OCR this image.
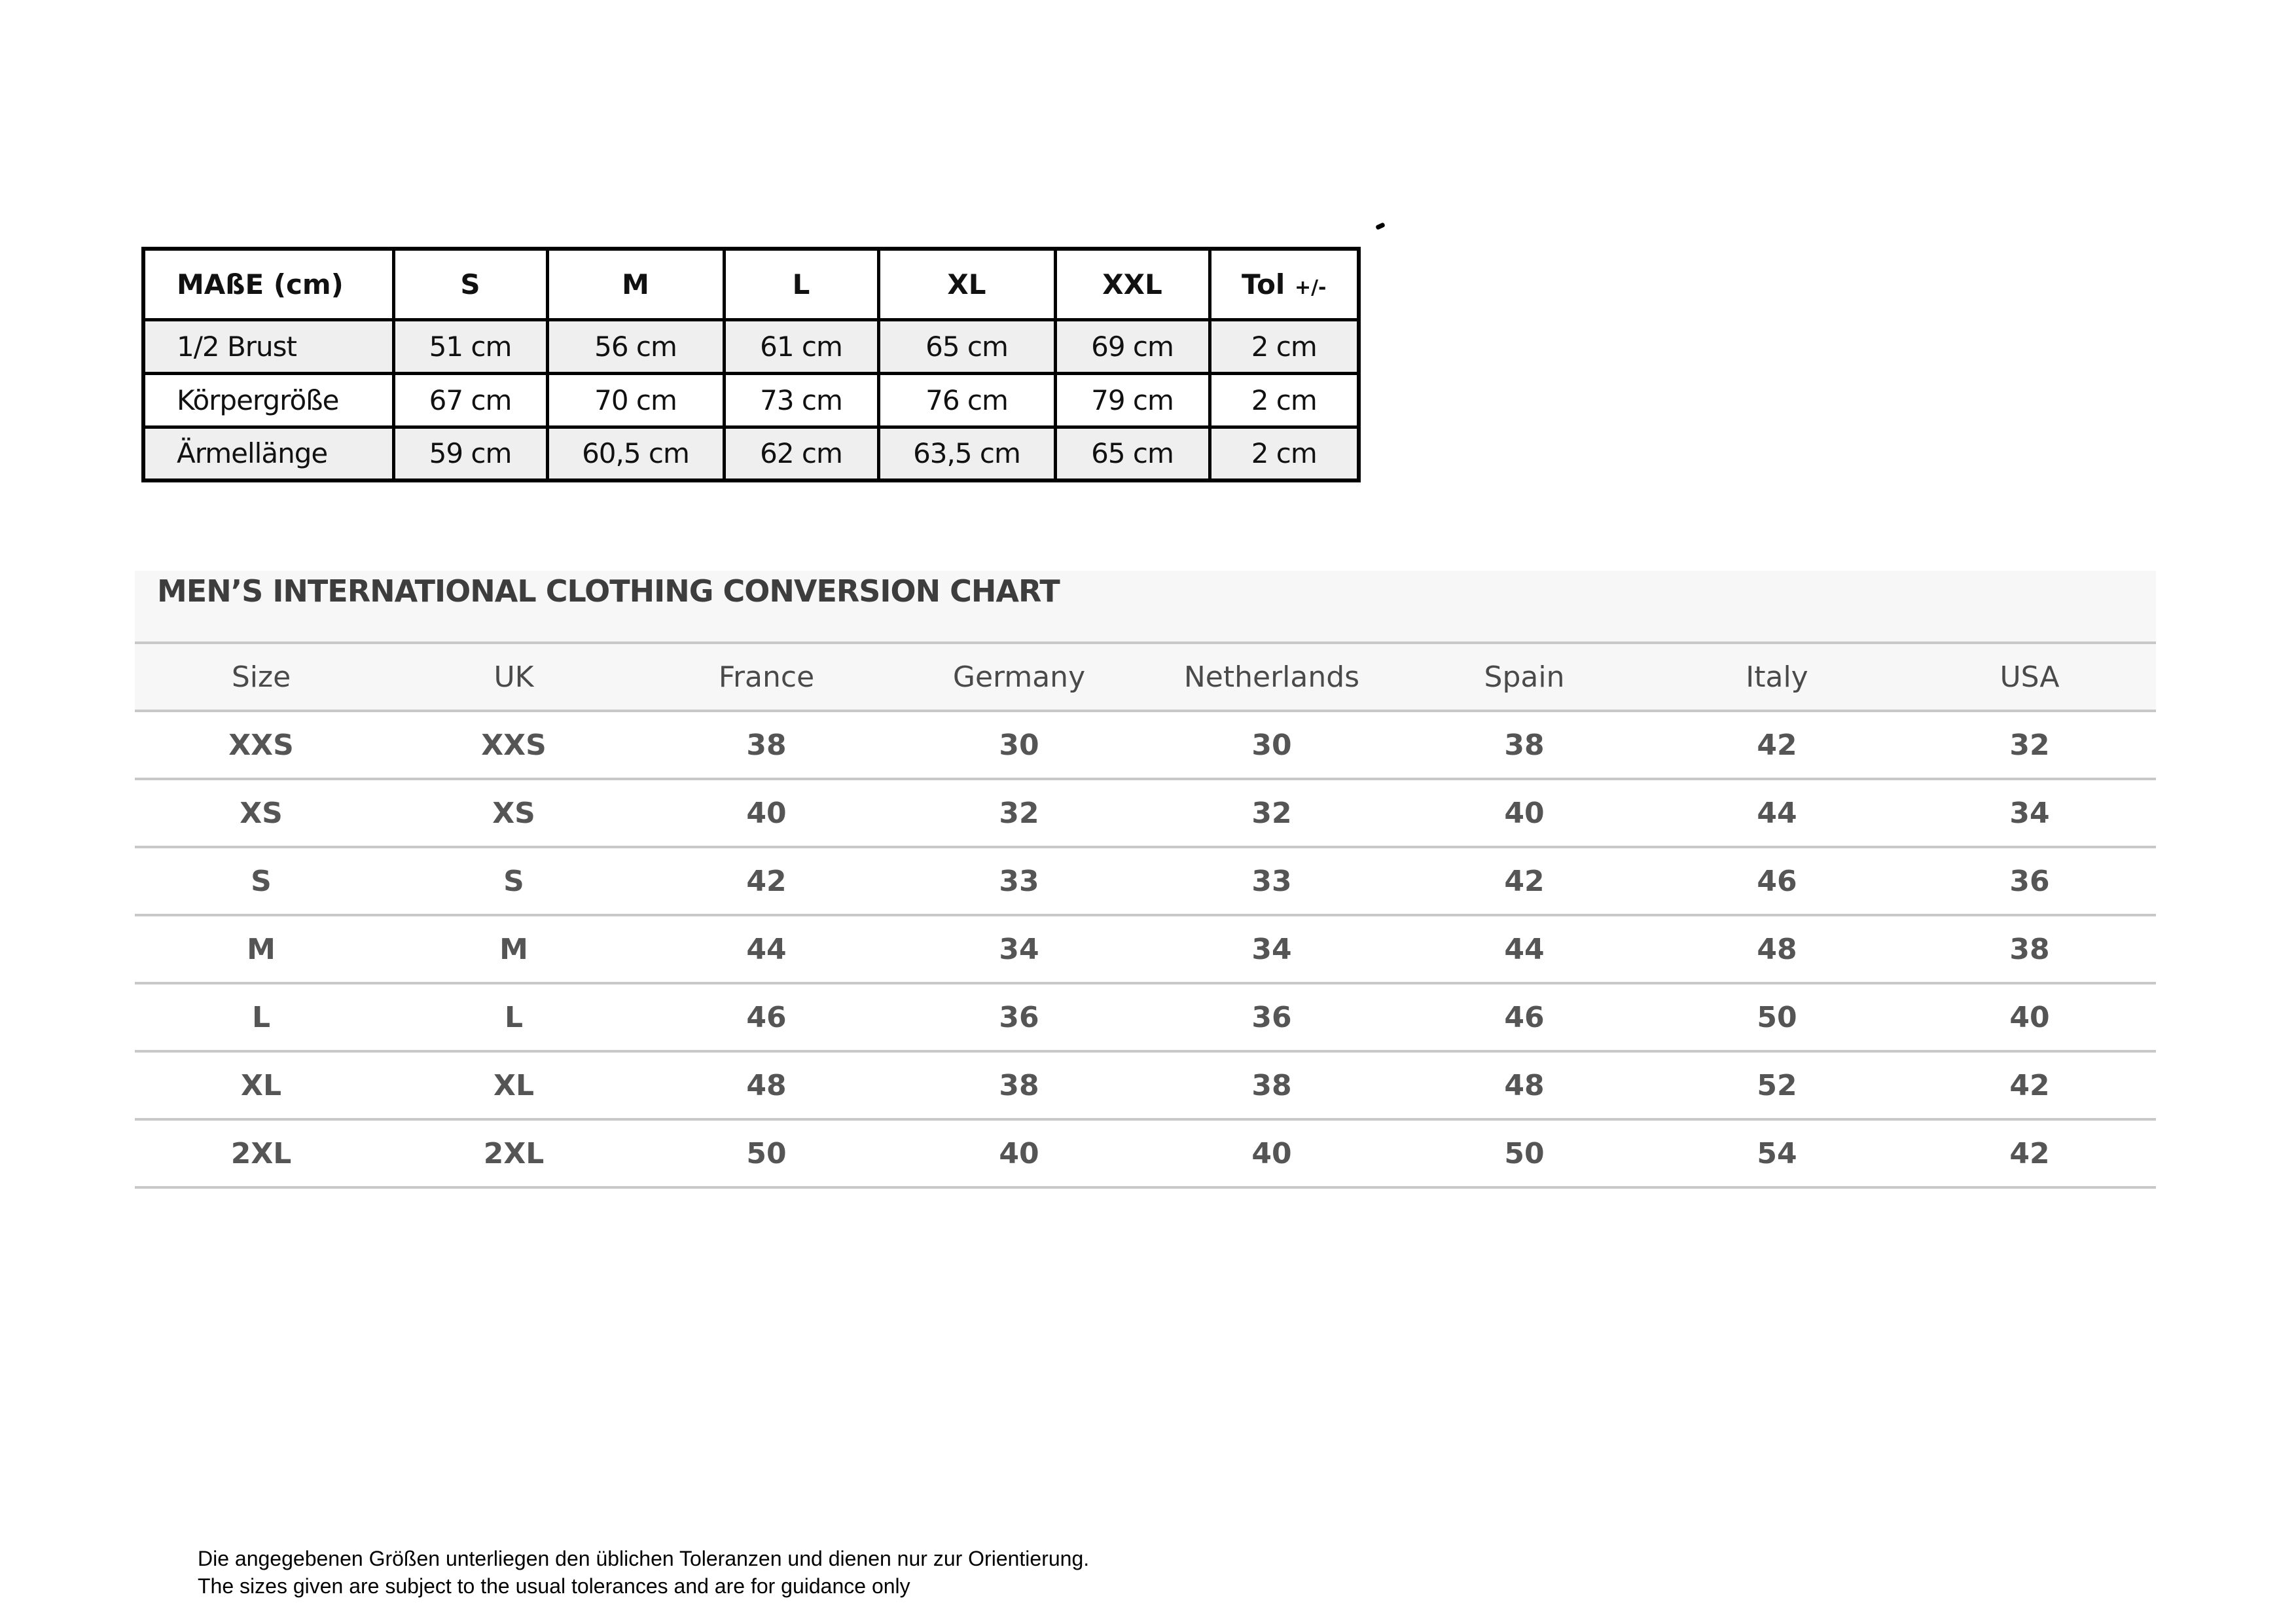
MAßE (cm)	S	M	L	XL	XXL	Tol +/-
1/2 Brust	51 cm	56 cm	61 cm	65 cm	69 cm	2 cm
Körpergröße	67 cm	70 cm	73 cm	76 cm	79 cm	2 cm
Ärmellänge	59 cm	60,5 cm	62 cm	63,5 cm	65 cm	2 cm
MEN’S INTERNATIONAL CLOTHING CONVERSION CHART
Size	UK	France	Germany	Netherlands	Spain	Italy	USA
XXS	XXS	38	30	30	38	42	32
XS	XS	40	32	32	40	44	34
S	S	42	33	33	42	46	36
M	M	44	34	34	44	48	38
L	L	46	36	36	46	50	40
XL	XL	48	38	38	48	52	42
2XL	2XL	50	40	40	50	54	42
Die angegebenen Größen unterliegen den üblichen Toleranzen und dienen nur zur Orientierung.
The sizes given are subject to the usual tolerances and are for guidance only
